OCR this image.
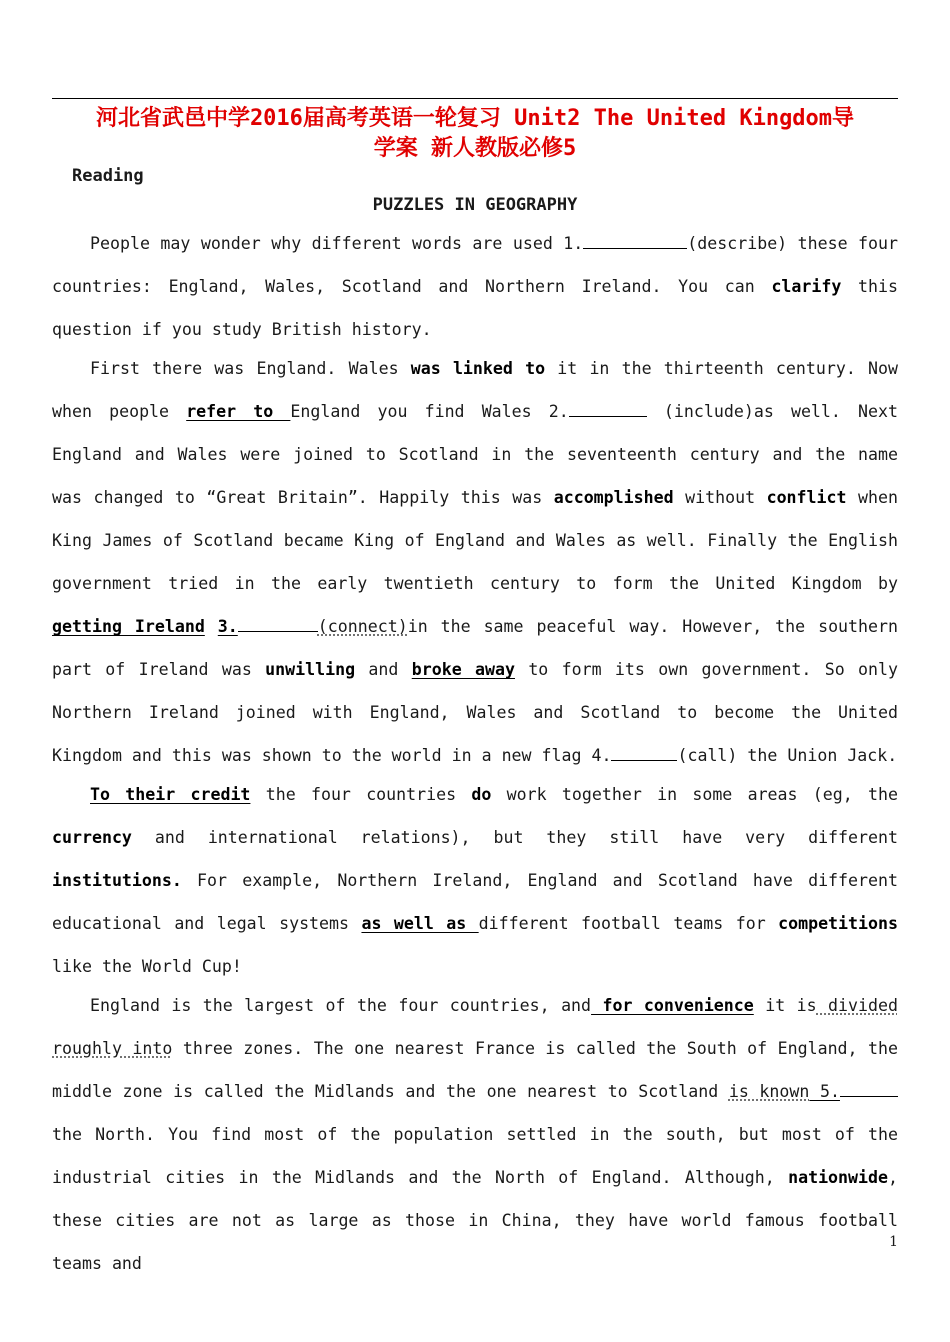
河北省武邑中学2016届高考英语一轮复习 Unit2 The United Kingdom导
学案 新人教版必修5
Reading
PUZZLES IN GEOGRAPHY

People may wonder why different words are used 1.	(describe) these four countries: England, Wales, Scotland and Northern Ireland. You can clarify this question if you study British history.

First there was England. Wales was linked to it in the thirteenth century. Now when people refer to England you find Wales 2.	(include)as well. Next England and Wales were joined to Scotland in the seventeenth century and the name was changed to “Great Britain”. Happily this was accomplished without conflict when King James of Scotland became King of England and Wales as well. Finally the English government tried in the early twentieth century to form the United Kingdom by getting Ireland 3.	(connect)in the same peaceful way. However, the southern part of Ireland was unwilling and broke away to form its own government. So only Northern Ireland joined with England, Wales and Scotland to become the United Kingdom and this was shown to the world in a new flag 4.	(call) the Union Jack.

To their credit the four countries do work together in some areas (eg, the currency and international relations), but they still have very different institutions. For example, Northern Ireland, England and Scotland have different educational and legal systems as well as different football teams for competitions like the World Cup!

England is the largest of the four countries, and for convenience it is divided roughly into three zones. The one nearest France is called the South of England, the middle zone is called the Midlands and the one nearest to Scotland is known 5. the North. You find most of the population settled in the south, but most of the industrial cities in the Midlands and the North of England. Although, nationwide, these cities are not as large as those in China, they have world famous football teams and

1
